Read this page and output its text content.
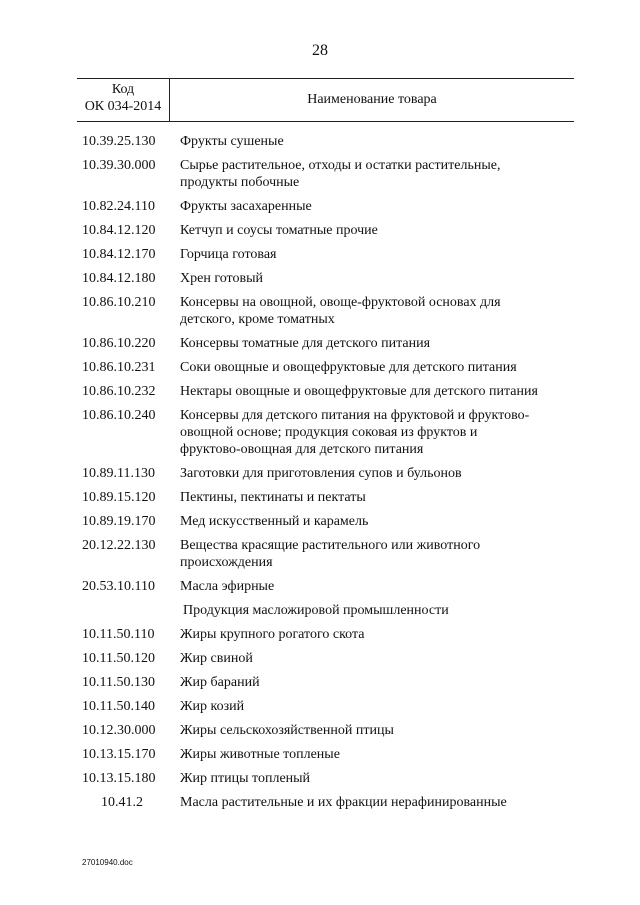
28
Код
ОК 034-2014	Наименование товара
10.39.25.130	Фрукты сушеные
10.39.30.000	Сырье растительное, отходы и остатки растительные,
продукты побочные
10.82.24.110	Фрукты засахаренные
10.84.12.120	Кетчуп и соусы томатные прочие
10.84.12.170	Горчица готовая
10.84.12.180	Хрен готовый
10.86.10.210	Консервы на овощной, овоще-фруктовой основах для
детского, кроме томатных
10.86.10.220	Консервы томатные для детского питания
10.86.10.231	Соки овощные и овощефруктовые для детского питания
10.86.10.232	Нектары овощные и овощефруктовые для детского питания
10.86.10.240	Консервы для детского питания на фруктовой и фруктово-
овощной основе; продукция соковая из фруктов и
фруктово-овощная для детского питания
10.89.11.130	Заготовки для приготовления супов и бульонов
10.89.15.120	Пектины, пектинаты и пектаты
10.89.19.170	Мед искусственный и карамель
20.12.22.130	Вещества красящие растительного или животного
происхождения
20.53.10.110	Масла эфирные
Продукция масложировой промышленности
10.11.50.110	Жиры крупного рогатого скота
10.11.50.120	Жир свиной
10.11.50.130	Жир бараний
10.11.50.140	Жир козий
10.12.30.000	Жиры сельскохозяйственной птицы
10.13.15.170	Жиры животные топленые
10.13.15.180	Жир птицы топленый
10.41.2	Масла растительные и их фракции нерафинированные
27010940.doc
